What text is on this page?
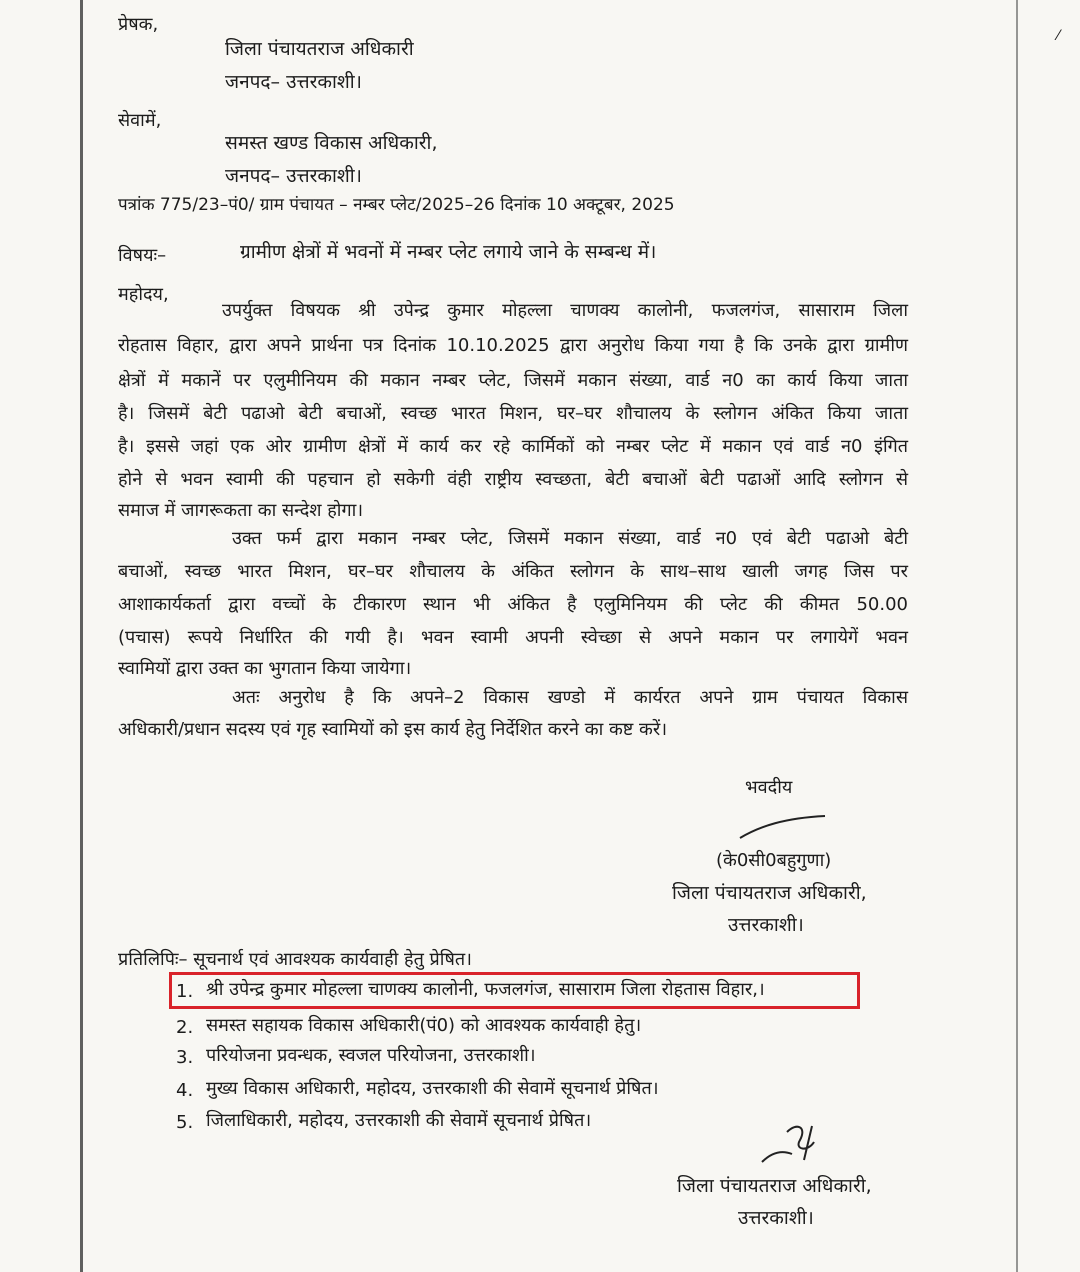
⁄
प्रेषक,
जिला पंचायतराज अधिकारी
जनपद– उत्तरकाशी।
सेवामें,
समस्त खण्ड विकास अधिकारी,
जनपद– उत्तरकाशी।
पत्रांक 775/23–पं0/ ग्राम पंचायत – नम्बर प्लेट/2025–26 दिनांक 10 अक्टूबर, 2025
विषयः–	ग्रामीण क्षेत्रों में भवनों में नम्बर प्लेट लगाये जाने के सम्बन्ध में।
महोदय,
उपर्युक्त विषयक श्री उपेन्द्र कुमार मोहल्ला चाणक्य कालोनी, फजलगंज, सासाराम जिला
रोहतास विहार, द्वारा अपने प्रार्थना पत्र दिनांक 10.10.2025 द्वारा अनुरोध किया गया है कि उनके द्वारा ग्रामीण
क्षेत्रों में मकानें पर एलुमीनियम की मकान नम्बर प्लेट, जिसमें मकान संख्या, वार्ड न0 का कार्य किया जाता
है। जिसमें बेटी पढाओ बेटी बचाओं, स्वच्छ भारत मिशन, घर–घर शौचालय के स्लोगन अंकित किया जाता
है। इससे जहां एक ओर ग्रामीण क्षेत्रों में कार्य कर रहे कार्मिकों को नम्बर प्लेट में मकान एवं वार्ड न0 इंगित
होने से भवन स्वामी की पहचान हो सकेगी वंही राष्ट्रीय स्वच्छता, बेटी बचाओं बेटी पढाओं आदि स्लोगन से
समाज में जागरूकता का सन्देश होगा।
उक्त फर्म द्वारा मकान नम्बर प्लेट, जिसमें मकान संख्या, वार्ड न0 एवं बेटी पढाओ बेटी
बचाओं, स्वच्छ भारत मिशन, घर–घर शौचालय के अंकित स्लोगन के साथ–साथ खाली जगह जिस पर
आशाकार्यकर्ता द्वारा वच्चों के टीकारण स्थान भी अंकित है एलुमिनियम की प्लेट की कीमत 50.00
(पचास) रूपये निर्धारित की गयी है। भवन स्वामी अपनी स्वेच्छा से अपने मकान पर लगायेगें भवन
स्वामियों द्वारा उक्त का भुगतान किया जायेगा।
अतः अनुरोध है कि अपने–2 विकास खण्डो में कार्यरत अपने ग्राम पंचायत विकास
अधिकारी/प्रधान सदस्य एवं गृह स्वामियों को इस कार्य हेतु निर्देशित करने का कष्ट करें।
भवदीय
(के0सी0बहुगुणा)
जिला पंचायतराज अधिकारी,
उत्तरकाशी।
प्रतिलिपिः– सूचनार्थ एवं आवश्यक कार्यवाही हेतु प्रेषित।
1. श्री उपेन्द्र कुमार मोहल्ला चाणक्य कालोनी, फजलगंज, सासाराम जिला रोहतास विहार,।
2. समस्त सहायक विकास अधिकारी(पं0) को आवश्यक कार्यवाही हेतु।
3. परियोजना प्रवन्धक, स्वजल परियोजना, उत्तरकाशी।
4. मुख्य विकास अधिकारी, महोदय, उत्तरकाशी की सेवामें सूचनार्थ प्रेषित।
5. जिलाधिकारी, महोदय, उत्तरकाशी की सेवामें सूचनार्थ प्रेषित।
जिला पंचायतराज अधिकारी,
उत्तरकाशी।
